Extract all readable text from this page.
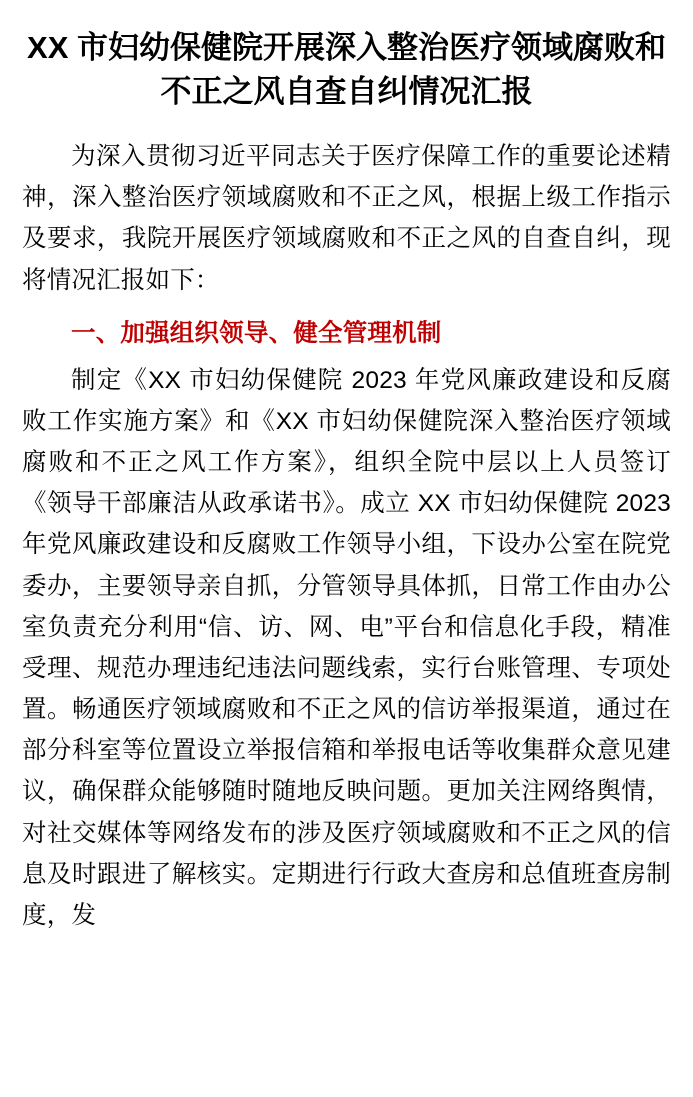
XX 市妇幼保健院开展深入整治医疗领域腐败和不正之风自查自纠情况汇报

为深入贯彻习近平同志关于医疗保障工作的重要论述精神，深入整治医疗领域腐败和不正之风，根据上级工作指示及要求，我院开展医疗领域腐败和不正之风的自查自纠，现将情况汇报如下：

一、加强组织领导、健全管理机制

制定《XX 市妇幼保健院 2023 年党风廉政建设和反腐败工作实施方案》和《XX 市妇幼保健院深入整治医疗领域腐败和不正之风工作方案》，组织全院中层以上人员签订《领导干部廉洁从政承诺书》。成立 XX 市妇幼保健院 2023 年党风廉政建设和反腐败工作领导小组，下设办公室在院党委办，主要领导亲自抓，分管领导具体抓，日常工作由办公室负责充分利用“信、访、网、电”平台和信息化手段，精准受理、规范办理违纪违法问题线索，实行台账管理、专项处置。畅通医疗领域腐败和不正之风的信访举报渠道，通过在部分科室等位置设立举报信箱和举报电话等收集群众意见建议，确保群众能够随时随地反映问题。更加关注网络舆情，对社交媒体等网络发布的涉及医疗领域腐败和不正之风的信息及时跟进了解核实。定期进行行政大查房和总值班查房制度，发
